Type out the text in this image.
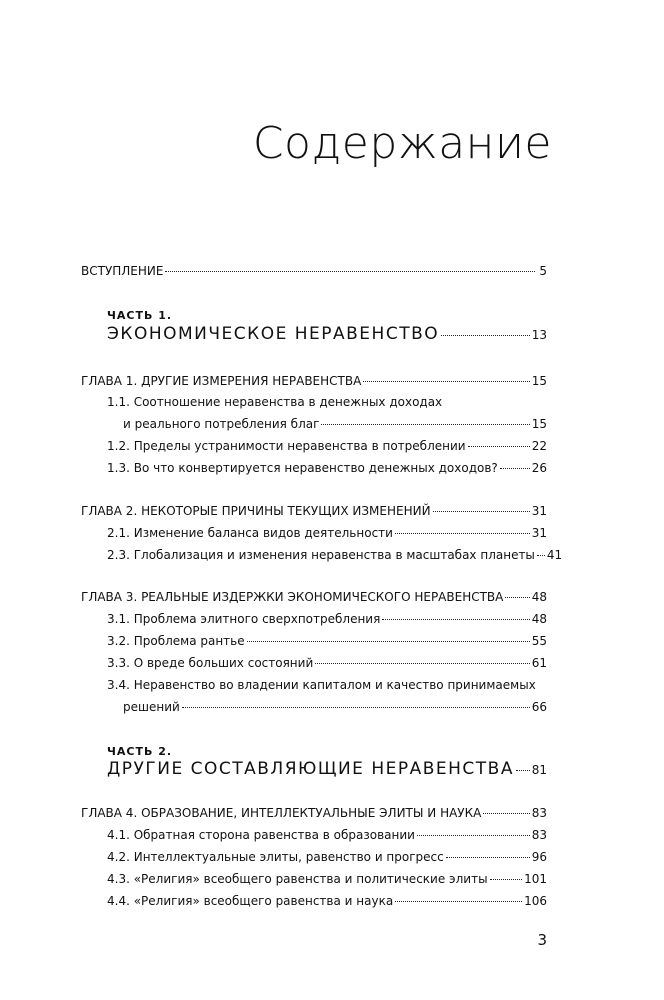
Содержание
ВСТУПЛЕНИЕ	5
ЧАСТЬ 1.
ЭКОНОМИЧЕСКОЕ НЕРАВЕНСТВО	13
ГЛАВА 1. ДРУГИЕ ИЗМЕРЕНИЯ НЕРАВЕНСТВА	15
1.1. Соотношение неравенства в денежных доходах
и реального потребления благ	15
1.2. Пределы устранимости неравенства в потреблении	22
1.3. Во что конвертируется неравенство денежных доходов?	26
ГЛАВА 2. НЕКОТОРЫЕ ПРИЧИНЫ ТЕКУЩИХ ИЗМЕНЕНИЙ	31
2.1. Изменение баланса видов деятельности	31
2.3. Глобализация и изменения неравенства в масштабах планеты 41
ГЛАВА 3. РЕАЛЬНЫЕ ИЗДЕРЖКИ ЭКОНОМИЧЕСКОГО НЕРАВЕНСТВА 48
3.1. Проблема элитного сверхпотребления	48
3.2. Проблема рантье	55
3.3. О вреде больших состояний	61
3.4. Неравенство во владении капиталом и качество принимаемых
решений	66
ЧАСТЬ 2.
ДРУГИЕ СОСТАВЛЯЮЩИЕ НЕРАВЕНСТВА 81
ГЛАВА 4. ОБРАЗОВАНИЕ, ИНТЕЛЛЕКТУАЛЬНЫЕ ЭЛИТЫ И НАУКА	83
4.1. Обратная сторона равенства в образовании	83
4.2. Интеллектуальные элиты, равенство и прогресс	96
4.3. «Религия» всеобщего равенства и политические элиты	101
4.4. «Религия» всеобщего равенства и наука	106
3
